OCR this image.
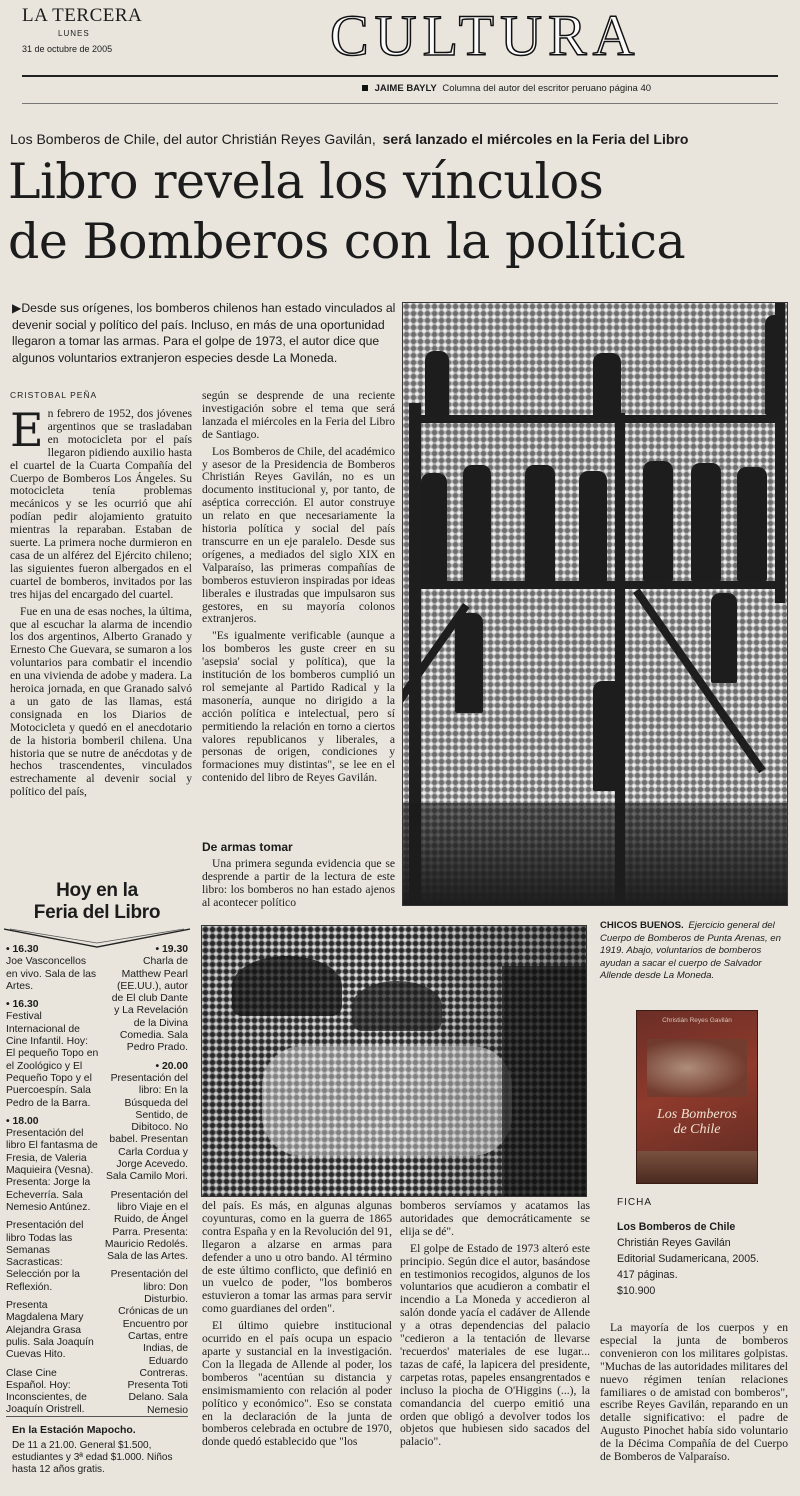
LA TERCERA
LUNES
31 de octubre de 2005	CULTURA
JAIME BAYLY Columna del autor del escritor peruano página 40
Los Bomberos de Chile, del autor Christián Reyes Gavilán, será lanzado el miércoles en la Feria del Libro
Libro revela los vínculos
de Bomberos con la política
▶Desde sus orígenes, los bomberos chilenos han estado vinculados al devenir social y político del país. Incluso, en más de una oportunidad llegaron a tomar las armas. Para el golpe de 1973, el autor dice que algunos voluntarios extranjeron especies desde La Moneda.
CRISTOBAL PEÑA

En febrero de 1952, dos jóvenes argentinos que se trasladaban en motocicleta por el país llegaron pidiendo auxilio hasta el cuartel de la Cuarta Compañía del Cuerpo de Bomberos Los Ángeles. Su motocicleta tenía problemas mecánicos y se les ocurrió que ahí podían pedir alojamiento gratuito mientras la reparaban. Estaban de suerte. La primera noche durmieron en casa de un alférez del Ejército chileno; las siguientes fueron albergados en el cuartel de bomberos, invitados por las tres hijas del encargado del cuartel.

Fue en una de esas noches, la última, que al escuchar la alarma de incendio los dos argentinos, Alberto Granado y Ernesto Che Guevara, se sumaron a los voluntarios para combatir el incendio en una vivienda de adobe y madera. La heroica jornada, en que Granado salvó a un gato de las llamas, está consignada en los Diarios de Motocicleta y quedó en el anecdotario de la historia bomberil chilena. Una historia que se nutre de anécdotas y de hechos trascendentes, vinculados estrechamente al devenir social y político del país,

según se desprende de una reciente investigación sobre el tema que será lanzada el miércoles en la Feria del Libro de Santiago.

Los Bomberos de Chile, del académico y asesor de la Presidencia de Bomberos Christián Reyes Gavilán, no es un documento institucional y, por tanto, de aséptica corrección. El autor construye un relato en que necesariamente la historia política y social del país transcurre en un eje paralelo. Desde sus orígenes, a mediados del siglo XIX en Valparaíso, las primeras compañías de bomberos estuvieron inspiradas por ideas liberales e ilustradas que impulsaron sus gestores, en su mayoría colonos extranjeros.

"Es igualmente verificable (aunque a los bomberos les guste creer en su 'asepsia' social y política), que la institución de los bomberos cumplió un rol semejante al Partido Radical y la masonería, aunque no dirigido a la acción política e intelectual, pero sí permitiendo la relación en torno a ciertos valores republicanos y liberales, a personas de origen, condiciones y formaciones muy distintas", se lee en el contenido del libro de Reyes Gavilán.

De armas tomar

Una primera segunda evidencia que se desprende a partir de la lectura de este libro: los bomberos no han estado ajenos al acontecer político

CHICOS BUENOS. Ejercicio general del Cuerpo de Bomberos de Punta Arenas, en 1919. Abajo, voluntarios de bomberos ayudan a sacar el cuerpo de Salvador Allende desde La Moneda.
Christián Reyes Gavilán
Los Bomberos
de Chile
FICHA
Los Bomberos de Chile
Christián Reyes Gavilán
Editorial Sudamericana, 2005.
417 páginas.
$10.900

del país. Es más, en algunas algunas coyunturas, como en la guerra de 1865 contra España y en la Revolución del 91, llegaron a alzarse en armas para defender a uno u otro bando. Al término de este último conflicto, que definió en un vuelco de poder, "los bomberos estuvieron a tomar las armas para servir como guardianes del orden".

El último quiebre institucional ocurrido en el país ocupa un espacio aparte y sustancial en la investigación. Con la llegada de Allende al poder, los bomberos "acentúan su distancia y ensimismamiento con relación al poder político y económico". Eso se constata en la declaración de la junta de bomberos celebrada en octubre de 1970, donde quedó establecido que "los

bomberos servíamos y acatamos las autoridades que democráticamente se elija se dé".

El golpe de Estado de 1973 alteró este principio. Según dice el autor, basándose en testimonios recogidos, algunos de los voluntarios que acudieron a combatir el incendio a La Moneda y accedieron al salón donde yacía el cadáver de Allende y a otras dependencias del palacio "cedieron a la tentación de llevarse 'recuerdos' materiales de ese lugar... tazas de café, la lapicera del presidente, carpetas rotas, papeles ensangrentados e incluso la piocha de O'Higgins (...), la comandancia del cuerpo emitió una orden que obligó a devolver todos los objetos que hubiesen sido sacados del palacio".

La mayoría de los cuerpos y en especial la junta de bomberos convenieron con los militares golpistas. "Muchas de las autoridades militares del nuevo régimen tenían relaciones familiares o de amistad con bomberos", escribe Reyes Gavilán, reparando en un detalle significativo: el padre de Augusto Pinochet había sido voluntario de la Décima Compañía de del Cuerpo de Bomberos de Valparaíso.

Hoy en la
Feria del Libro
• 16.30
Joe Vasconcellos en vivo. Sala de las Artes.
• 16.30
Festival Internacional de Cine Infantil. Hoy: El pequeño Topo en el Zoológico y El Pequeño Topo y el Puercoespín. Sala Pedro de la Barra.
• 18.00
Presentación del libro El fantasma de Fresia, de Valeria Maquieira (Vesna). Presenta: Jorge la Echeverría. Sala Nemesio Antúnez.
Presentación del libro Todas las Semanas Sacrasticas: Selección por la Reflexión.
Presenta Magdalena Mary Alejandra Grasa pulis. Sala Joaquín Cuevas Hito.
Clase Cine Español. Hoy: Inconscientes, de Joaquín Oristrell.
• 19.30
Charla de Matthew Pearl (EE.UU.), autor de El club Dante y La Revelación de la Divina Comedia. Sala Pedro Prado.
• 20.00
Presentación del libro: En la Búsqueda del Sentido, de Dibitoco. No babel. Presentan Carla Cordua y Jorge Acevedo. Sala Camilo Mori.
Presentación del libro Viaje en el Ruido, de Ángel Parra. Presenta: Mauricio Redolés. Sala de las Artes.
Presentación del libro: Don Disturbio. Crónicas de un Encuentro por Cartas, entre Indias, de Eduardo Contreras. Presenta Toti Delano. Sala Nemesio
En la Estación Mapocho.
De 11 a 21.00. General $1.500, estudiantes y 3ª edad $1.000. Niños hasta 12 años gratis.
